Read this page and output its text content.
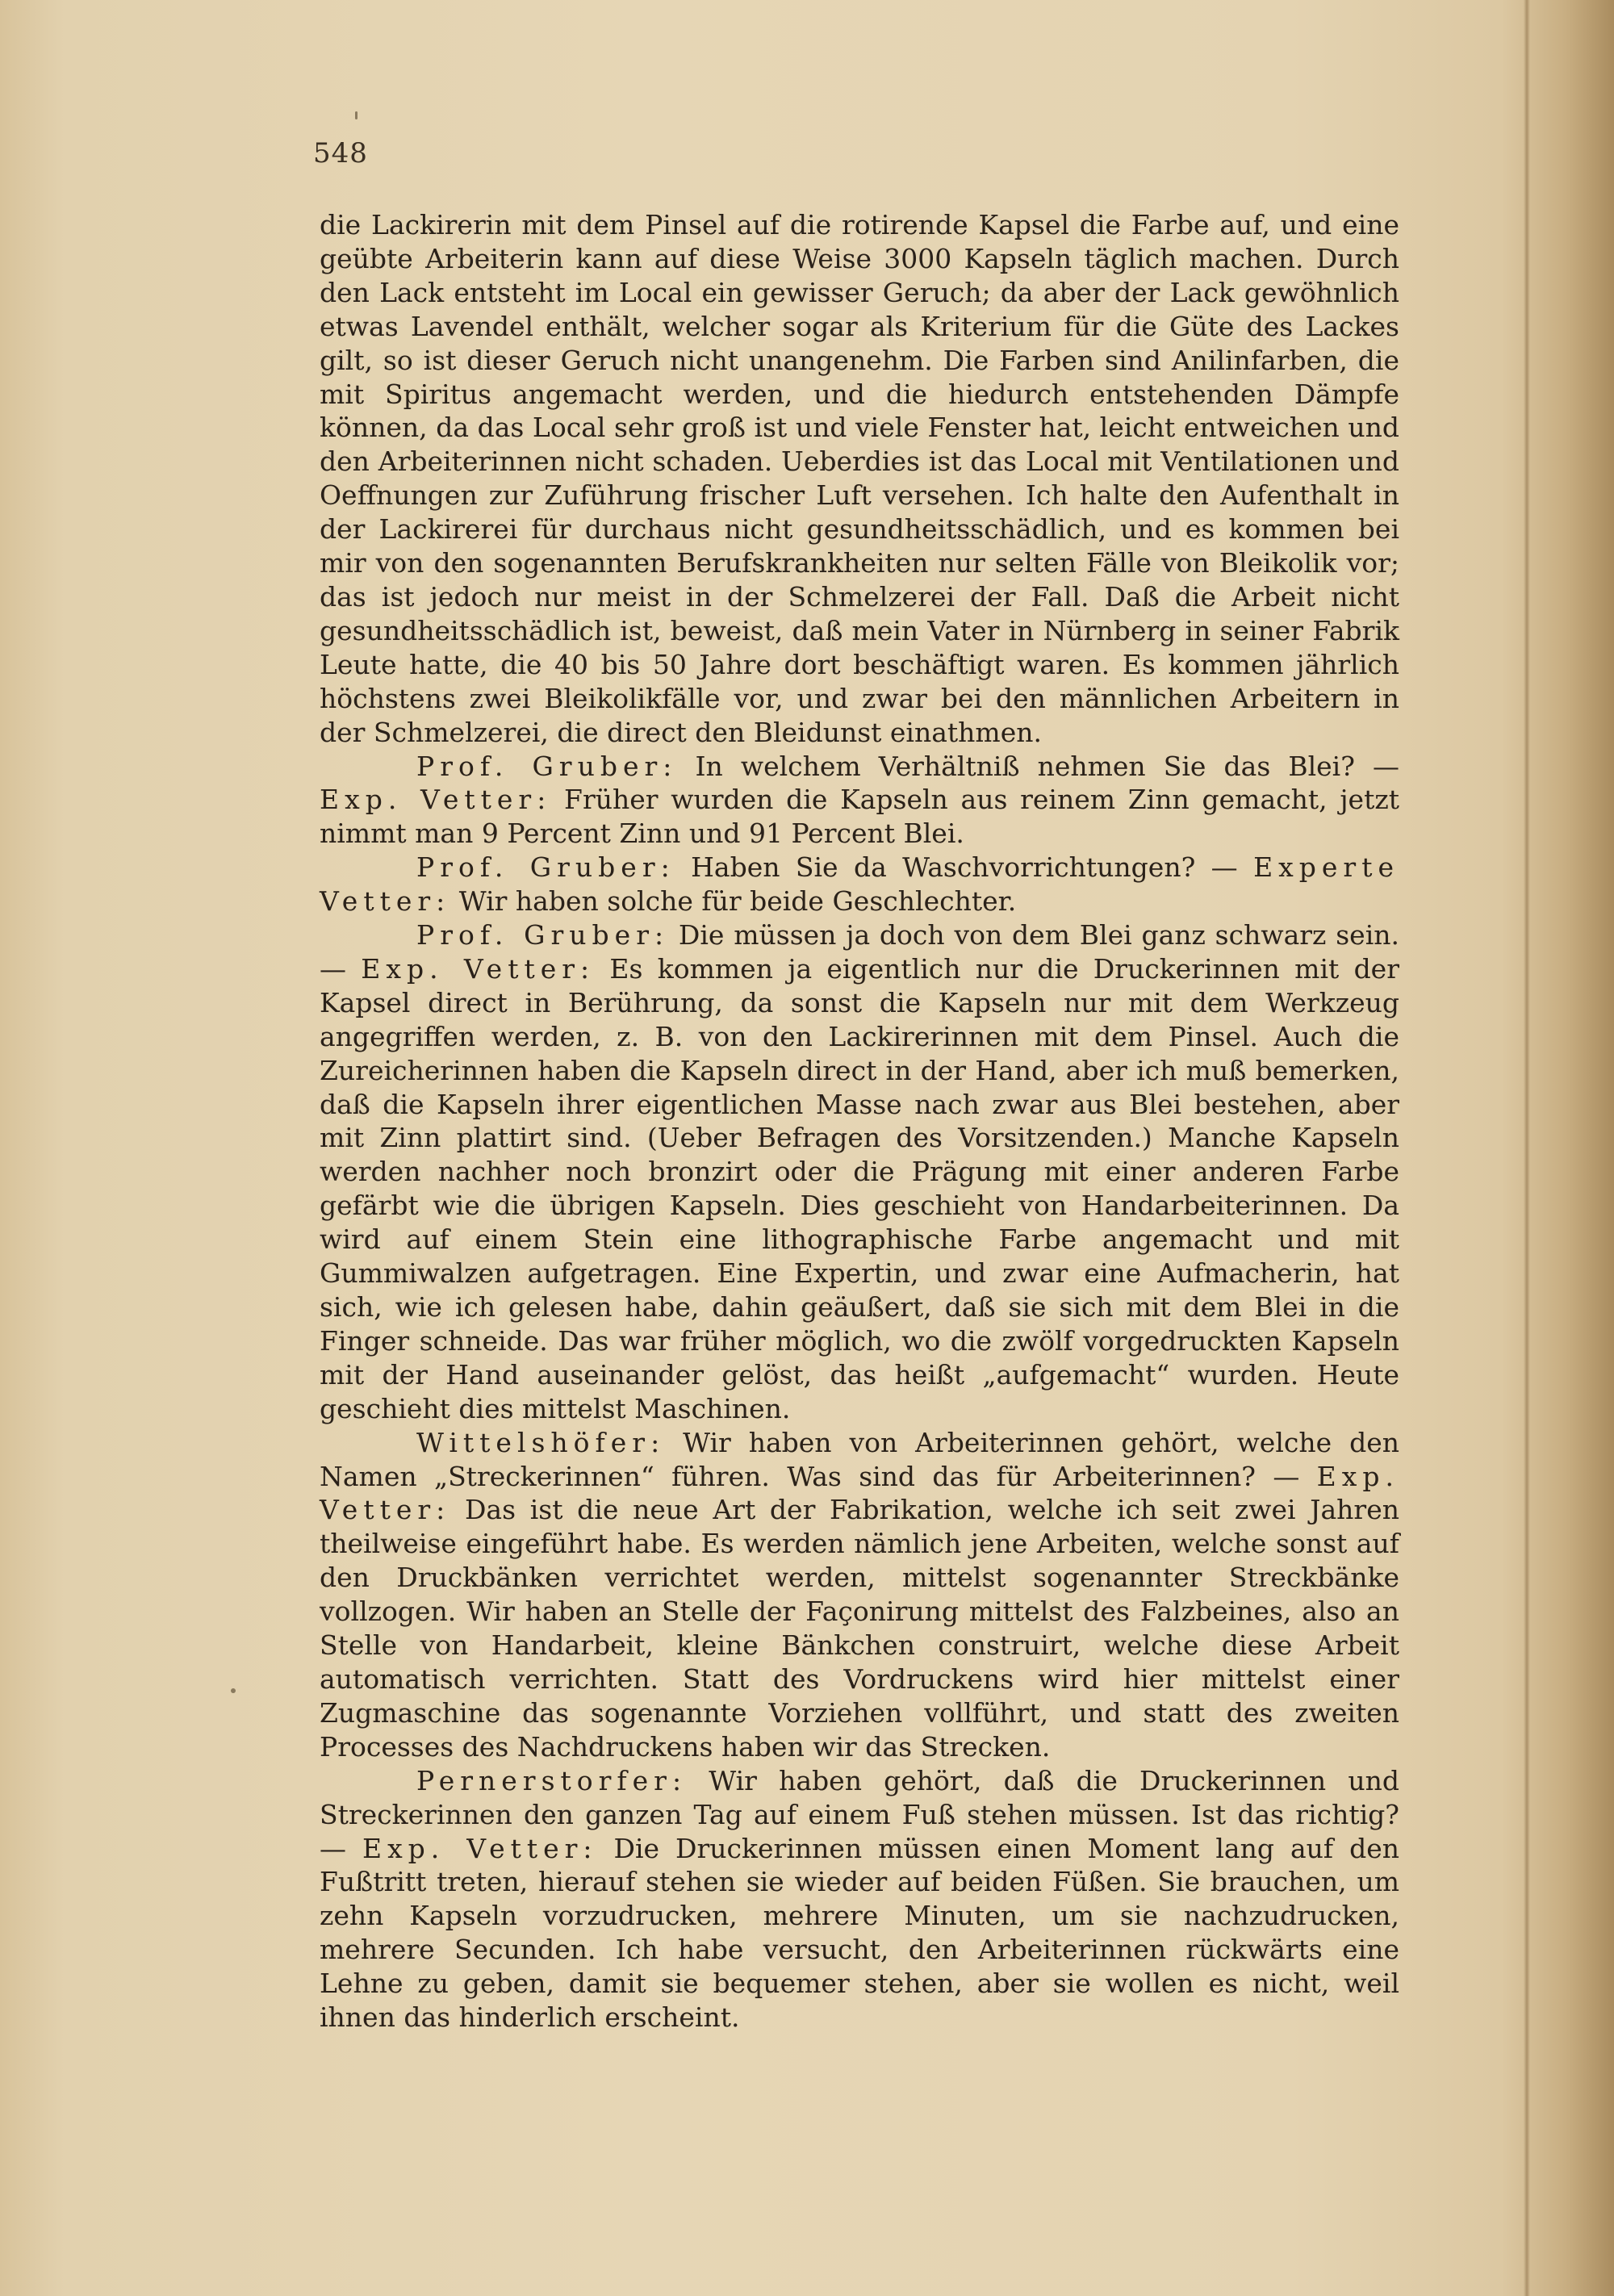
548

die Lackirerin mit dem Pinsel auf die rotirende Kapsel die Farbe auf, und eine geübte Arbeiterin kann auf diese Weise 3000 Kapseln täglich machen. Durch den Lack entsteht im Local ein gewisser Geruch; da aber der Lack gewöhnlich etwas Lavendel enthält, welcher sogar als Kriterium für die Güte des Lackes gilt, so ist dieser Geruch nicht unangenehm. Die Farben sind Anilinfarben, die mit Spiritus angemacht werden, und die hiedurch entstehenden Dämpfe können, da das Local sehr groß ist und viele Fenster hat, leicht entweichen und den Arbeiterinnen nicht schaden. Ueberdies ist das Local mit Ventilationen und Oeffnungen zur Zuführung frischer Luft versehen. Ich halte den Aufenthalt in der Lackirerei für durchaus nicht gesundheitsschädlich, und es kommen bei mir von den sogenannten Berufskrankheiten nur selten Fälle von Bleikolik vor; das ist jedoch nur meist in der Schmelzerei der Fall. Daß die Arbeit nicht gesundheitsschädlich ist, beweist, daß mein Vater in Nürnberg in seiner Fabrik Leute hatte, die 40 bis 50 Jahre dort beschäftigt waren. Es kommen jährlich höchstens zwei Bleikolikfälle vor, und zwar bei den männlichen Arbeitern in der Schmelzerei, die direct den Bleidunst einathmen.

Prof. Gruber: In welchem Verhältniß nehmen Sie das Blei? — Exp. Vetter: Früher wurden die Kapseln aus reinem Zinn gemacht, jetzt nimmt man 9 Percent Zinn und 91 Percent Blei.

Prof. Gruber: Haben Sie da Waschvorrichtungen? — Experte Vetter: Wir haben solche für beide Geschlechter.

Prof. Gruber: Die müssen ja doch von dem Blei ganz schwarz sein. — Exp. Vetter: Es kommen ja eigentlich nur die Druckerinnen mit der Kapsel direct in Berührung, da sonst die Kapseln nur mit dem Werkzeug angegriffen werden, z. B. von den Lackirerinnen mit dem Pinsel. Auch die Zureicherinnen haben die Kapseln direct in der Hand, aber ich muß bemerken, daß die Kapseln ihrer eigentlichen Masse nach zwar aus Blei bestehen, aber mit Zinn plattirt sind. (Ueber Befragen des Vorsitzenden.) Manche Kapseln werden nachher noch bronzirt oder die Prägung mit einer anderen Farbe gefärbt wie die übrigen Kapseln. Dies geschieht von Handarbeiterinnen. Da wird auf einem Stein eine lithographische Farbe angemacht und mit Gummiwalzen aufgetragen. Eine Expertin, und zwar eine Aufmacherin, hat sich, wie ich gelesen habe, dahin geäußert, daß sie sich mit dem Blei in die Finger schneide. Das war früher möglich, wo die zwölf vorgedruckten Kapseln mit der Hand auseinander gelöst, das heißt „aufgemacht“ wurden. Heute geschieht dies mittelst Maschinen.

Wittelshöfer: Wir haben von Arbeiterinnen gehört, welche den Namen „Streckerinnen“ führen. Was sind das für Arbeiterinnen? — Exp. Vetter: Das ist die neue Art der Fabrikation, welche ich seit zwei Jahren theilweise eingeführt habe. Es werden nämlich jene Arbeiten, welche sonst auf den Druckbänken verrichtet werden, mittelst sogenannter Streckbänke vollzogen. Wir haben an Stelle der Façonirung mittelst des Falzbeines, also an Stelle von Handarbeit, kleine Bänkchen construirt, welche diese Arbeit automatisch verrichten. Statt des Vordruckens wird hier mittelst einer Zugmaschine das sogenannte Vorziehen vollführt, und statt des zweiten Processes des Nachdruckens haben wir das Strecken.

Pernerstorfer: Wir haben gehört, daß die Druckerinnen und Streckerinnen den ganzen Tag auf einem Fuß stehen müssen. Ist das richtig? — Exp. Vetter: Die Druckerinnen müssen einen Moment lang auf den Fußtritt treten, hierauf stehen sie wieder auf beiden Füßen. Sie brauchen, um zehn Kapseln vorzudrucken, mehrere Minuten, um sie nachzudrucken, mehrere Secunden. Ich habe versucht, den Arbeiterinnen rückwärts eine Lehne zu geben, damit sie bequemer stehen, aber sie wollen es nicht, weil ihnen das hinderlich erscheint.
